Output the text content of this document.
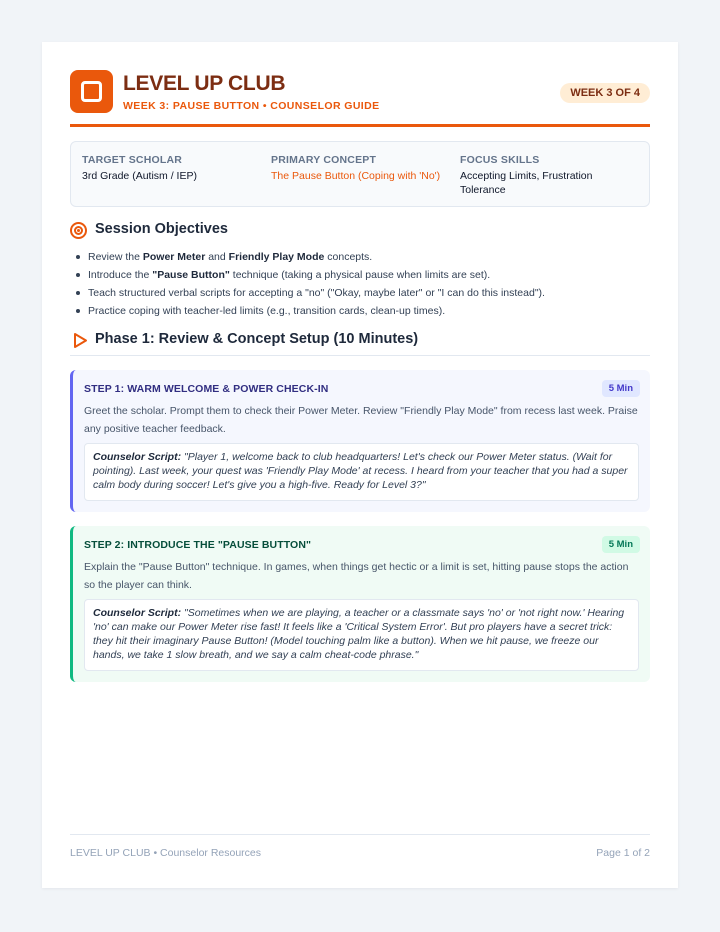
LEVEL UP CLUB
WEEK 3: PAUSE BUTTON • COUNSELOR GUIDE
WEEK 3 OF 4
TARGET SCHOLAR
3rd Grade (Autism / IEP)
PRIMARY CONCEPT
The Pause Button (Coping with 'No')
FOCUS SKILLS
Accepting Limits, Frustration Tolerance
Session Objectives
Review the Power Meter and Friendly Play Mode concepts.
Introduce the "Pause Button" technique (taking a physical pause when limits are set).
Teach structured verbal scripts for accepting a "no" ("Okay, maybe later" or "I can do this instead").
Practice coping with teacher-led limits (e.g., transition cards, clean-up times).
Phase 1: Review & Concept Setup (10 Minutes)
STEP 1: WARM WELCOME & POWER CHECK-IN	5 Min
Greet the scholar. Prompt them to check their Power Meter. Review "Friendly Play Mode" from recess last week. Praise any positive teacher feedback.
Counselor Script: "Player 1, welcome back to club headquarters! Let's check our Power Meter status. (Wait for pointing). Last week, your quest was 'Friendly Play Mode' at recess. I heard from your teacher that you had a super calm body during soccer! Let's give you a high-five. Ready for Level 3?"
STEP 2: INTRODUCE THE "PAUSE BUTTON"	5 Min
Explain the "Pause Button" technique. In games, when things get hectic or a limit is set, hitting pause stops the action so the player can think.
Counselor Script: "Sometimes when we are playing, a teacher or a classmate says 'no' or 'not right now.' Hearing 'no' can make our Power Meter rise fast! It feels like a 'Critical System Error'. But pro players have a secret trick: they hit their imaginary Pause Button! (Model touching palm like a button). When we hit pause, we freeze our hands, we take 1 slow breath, and we say a calm cheat-code phrase."
LEVEL UP CLUB • Counselor Resources	Page 1 of 2
